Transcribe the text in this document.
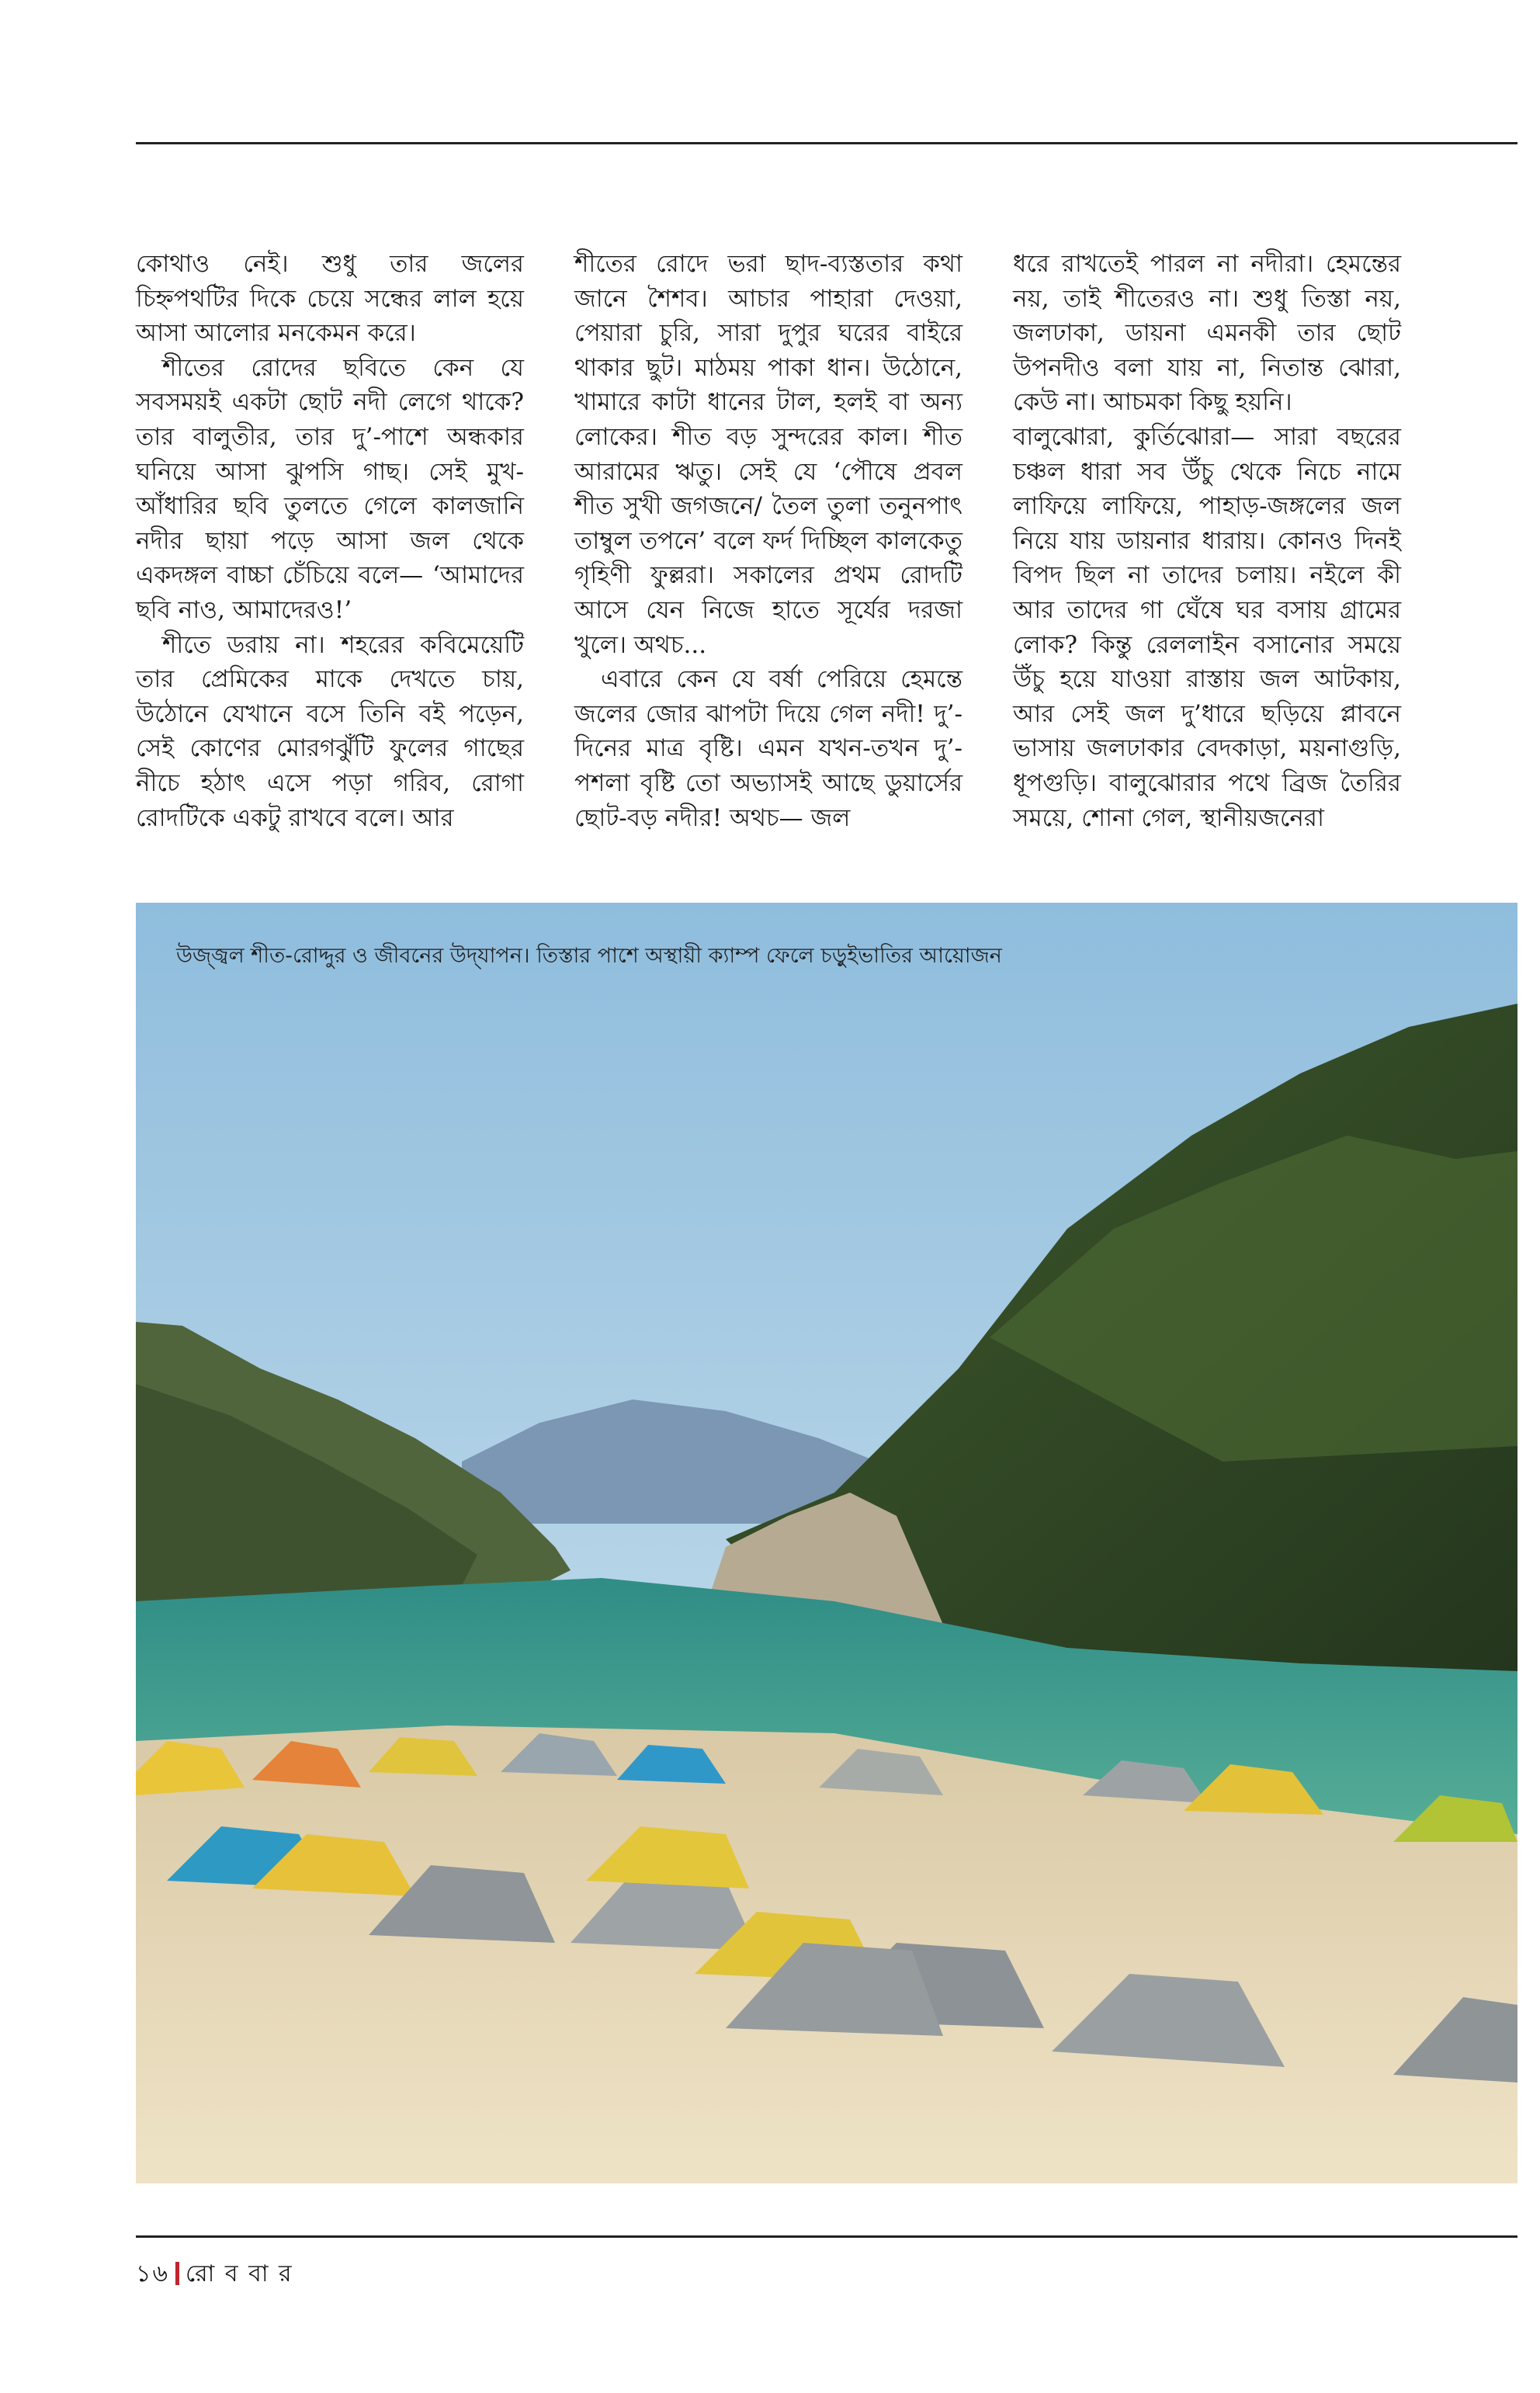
কোথাও নেই। শুধু তার জলের চিহ্নপথটির দিকে চেয়ে সন্ধের লাল হয়ে আসা আলোর মনকেমন করে।

শীতের রোদের ছবিতে কেন যে সবসময়ই একটা ছোট নদী লেগে থাকে? তার বালুতীর, তার দু’-পাশে অন্ধকার ঘনিয়ে আসা ঝুপসি গাছ। সেই মুখ-আঁধারির ছবি তুলতে গেলে কালজানি নদীর ছায়া পড়ে আসা জল থেকে একদঙ্গল বাচ্চা চেঁচিয়ে বলে— ‘আমাদের ছবি নাও, আমাদেরও!’

শীতে ডরায় না। শহরের কবিমেয়েটি তার প্রেমিকের মাকে দেখতে চায়, উঠোনে যেখানে বসে তিনি বই পড়েন, সেই কোণের মোরগঝুঁটি ফুলের গাছের নীচে হঠাৎ এসে পড়া গরিব, রোগা রোদটিকে একটু রাখবে বলে। আর

শীতের রোদে ভরা ছাদ-ব্যস্ততার কথা জানে শৈশব। আচার পাহারা দেওয়া, পেয়ারা চুরি, সারা দুপুর ঘরের বাইরে থাকার ছুট। মাঠময় পাকা ধান। উঠোনে, খামারে কাটা ধানের টাল, হলই বা অন্য লোকের। শীত বড় সুন্দরের কাল। শীত আরামের ঋতু। সেই যে ‘পৌষে প্রবল শীত সুখী জগজনে/ তৈল তুলা তনুনপাৎ তাম্বুল তপনে’ বলে ফর্দ দিচ্ছিল কালকেতু গৃহিণী ফুল্লরা। সকালের প্রথম রোদটি আসে যেন নিজে হাতে সূর্যের দরজা খুলে। অথচ...

এবারে কেন যে বর্ষা পেরিয়ে হেমন্তে জলের জোর ঝাপটা দিয়ে গেল নদী! দু’-দিনের মাত্র বৃষ্টি। এমন যখন-তখন দু’-পশলা বৃষ্টি তো অভ্যাসই আছে ডুয়ার্সের ছোট-বড় নদীর! অথচ— জল

ধরে রাখতেই পারল না নদীরা। হেমন্তের নয়, তাই শীতেরও না। শুধু তিস্তা নয়, জলঢাকা, ডায়না এমনকী তার ছোট উপনদীও বলা যায় না, নিতান্ত ঝোরা, কেউ না। আচমকা কিছু হয়নি।

বালুঝোরা, কুর্তিঝোরা— সারা বছরের চঞ্চল ধারা সব উঁচু থেকে নিচে নামে লাফিয়ে লাফিয়ে, পাহাড়-জঙ্গলের জল নিয়ে যায় ডায়নার ধারায়। কোনও দিনই বিপদ ছিল না তাদের চলায়। নইলে কী আর তাদের গা ঘেঁষে ঘর বসায় গ্রামের লোক? কিন্তু রেললাইন বসানোর সময়ে উঁচু হয়ে যাওয়া রাস্তায় জল আটকায়, আর সেই জল দু’ধারে ছড়িয়ে প্লাবনে ভাসায় জলঢাকার বেদকাড়া, ময়নাগুড়ি, ধূপগুড়ি। বালুঝোরার পথে ব্রিজ তৈরির সময়ে, শোনা গেল, স্থানীয়জনেরা

উজ্জ্বল শীত-রোদ্দুর ও জীবনের উদ্‌যাপন। তিস্তার পাশে অস্থায়ী ক্যাম্প ফেলে চড়ুইভাতির আয়োজন
১৬ রো ব বা র
